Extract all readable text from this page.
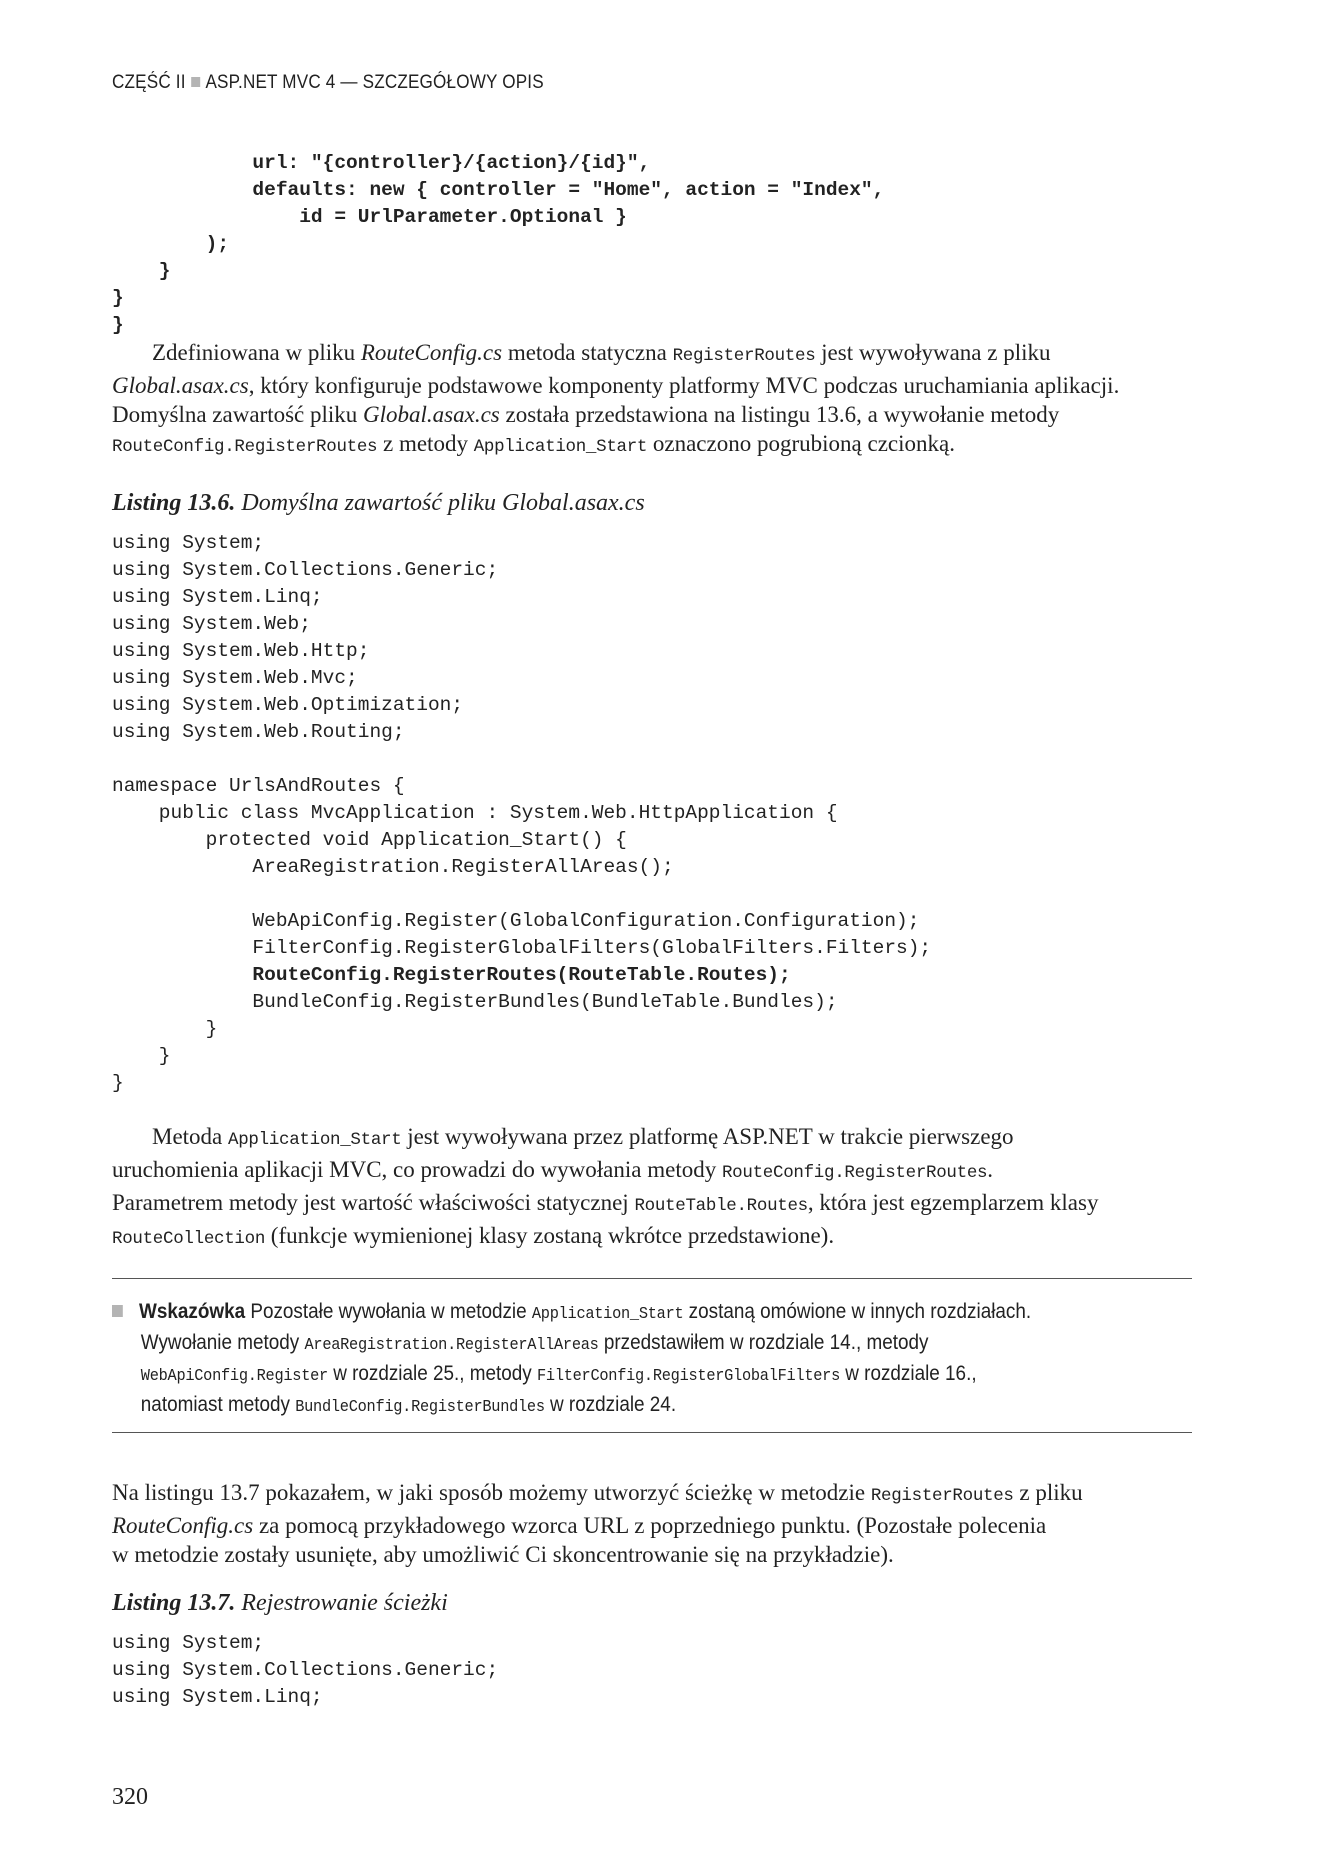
CZĘŚĆ II ASP.NET MVC 4 — SZCZEGÓŁOWY OPIS
url: "{controller}/{action}/{id}",
defaults: new { controller = "Home", action = "Index",
id = UrlParameter.Optional }
);
}
}
}
Zdefiniowana w pliku RouteConfig.cs metoda statyczna RegisterRoutes jest wywoływana z pliku
Global.asax.cs, który konfiguruje podstawowe komponenty platformy MVC podczas uruchamiania aplikacji.
Domyślna zawartość pliku Global.asax.cs została przedstawiona na listingu 13.6, a wywołanie metody
RouteConfig.RegisterRoutes z metody Application_Start oznaczono pogrubioną czcionką.
Listing 13.6. Domyślna zawartość pliku Global.asax.cs
using System;
using System.Collections.Generic;
using System.Linq;
using System.Web;
using System.Web.Http;
using System.Web.Mvc;
using System.Web.Optimization;
using System.Web.Routing;
namespace UrlsAndRoutes {
public class MvcApplication : System.Web.HttpApplication {
protected void Application_Start() {
AreaRegistration.RegisterAllAreas();
WebApiConfig.Register(GlobalConfiguration.Configuration);
FilterConfig.RegisterGlobalFilters(GlobalFilters.Filters);
RouteConfig.RegisterRoutes(RouteTable.Routes);
BundleConfig.RegisterBundles(BundleTable.Bundles);
}
}
}
Metoda Application_Start jest wywoływana przez platformę ASP.NET w trakcie pierwszego
uruchomienia aplikacji MVC, co prowadzi do wywołania metody RouteConfig.RegisterRoutes.
Parametrem metody jest wartość właściwości statycznej RouteTable.Routes, która jest egzemplarzem klasy
RouteCollection (funkcje wymienionej klasy zostaną wkrótce przedstawione).
Wskazówka Pozostałe wywołania w metodzie Application_Start zostaną omówione w innych rozdziałach.
Wywołanie metody AreaRegistration.RegisterAllAreas przedstawiłem w rozdziale 14., metody
WebApiConfig.Register w rozdziale 25., metody FilterConfig.RegisterGlobalFilters w rozdziale 16.,
natomiast metody BundleConfig.RegisterBundles w rozdziale 24.
Na listingu 13.7 pokazałem, w jaki sposób możemy utworzyć ścieżkę w metodzie RegisterRoutes z pliku
RouteConfig.cs za pomocą przykładowego wzorca URL z poprzedniego punktu. (Pozostałe polecenia
w metodzie zostały usunięte, aby umożliwić Ci skoncentrowanie się na przykładzie).
Listing 13.7. Rejestrowanie ścieżki
using System;
using System.Collections.Generic;
using System.Linq;
320
